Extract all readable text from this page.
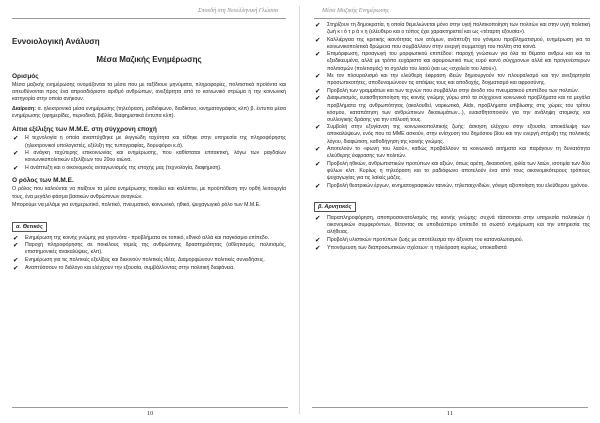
Σπουδή στη Νεοελληνική Γλώσσα
Εννοιολογική Ανάλυση
Μέσα Μαζικής Ενημέρωσης
Ορισμός

Μέσα μαζικής ενημέρωσης ονομάζονται τα μέσα που με ταξίδιουν μηνύματα, πληροφορίες, πολιτιστικά προϊόντα και απευθύνονται προς ένα απροσδιόριστο αριθμό ανθρώπων, ανεξάρτητα από το κοινωνικό στρώμα ή την κοινωνική κατηγορία στην οποία ανήκουν.

Διαίρεση: α. ηλεκτρονικά μέσα ενημέρωσης (τηλεόραση, ραδιόφωνο, διαδίκτυο, κινηματογράφος κλπ) β. έντυπα μέσα ενημέρωσης (εφημερίδες, περιοδικά, βιβλία, διαφημιστικά έντυπα κλπ).

Αίτια εξέλιξης των Μ.Μ.Ε. στη σύγχρονη εποχή
✔ Η τεχνολογία η οποία αναπτύχθηκε με ιλιγγιώδη ταχύτητα και τέθηκε στην υπηρεσία της πληροφόρησης (ηλεκτρονικοί υπολογιστές, εξέλιξη της τυπογραφίας, δορυφόροι κ.ά).
✔ Η ανάγκη ταχύτερης επικοινωνίας και ενημέρωσης, που καθίσταται επιτακτική, λόγω των ραγδαίων κοινωνικοπολιτικών εξελίξεων του 20ου αιώνα.
✔ Η ανάπτυξη και ο οικονομικός ανταγωνισμός της εποχής μας (τεχνολογία, διαφήμιση).
Ο ρόλος των Μ.Μ.Ε.

Ο ρόλος που καλούνται να παίξουν τα μέσα ενημέρωσης ποικίλει και καλύπτει, με προϋπόθεση την ορθή λειτουργία τους, ένα μεγάλο φάσμα βασικών ανθρώπινων αναγκών.

Μπορούμε να μιλάμε για ενημερωτικό, πολιτικό, πνευματικό, κοινωνικό, ηθικό, ψυχαγωγικό ρόλο των Μ.Μ.Ε.

α. Θετικός
✔ Ενημέρωση της κοινής γνώμης για γεγονότα - προβλήματα σε τοπικό, εθνικό αλλά και παγκόσμιο επίπεδο.
✔ Παροχή πληροφόρησης σε ποικίλους τομείς της ανθρώπινης δραστηριότητας (αθλητισμός, πολιτισμός, επιστημονικές ανακαλύψεις, κλπ).
✔ Ενημέρωση για τις πολιτικές εξελίξεις και διεκινούν πολιτικές ιδέες. Διαμορφώνουν πολιτικές συνειδήσεις.
✔ Αναπτύσσουν το διάλογο και ελέγχουν την εξουσία, συμβάλλοντας στην πολιτική διαφάνεια.
10
Μέσα Μαζικής Ενημέρωσης
✔ Στηρίζουν τη δημοκρατία, η οποία θεμελιώνεται μόνο στην υγιή πολιτικοποίηση των πολιτών και στην υγιή πολιτική ζωή κ ι ό τ ρ ά ν η (ελέυθερο και ο τύπος έχει χαρακτηριστεί και ως «τέταρτη εξουσία»).
✔ Καλλιέργεια της κριτικής ικανότητας των ατόμων, ανάπτυξη του γόνιμου προβληματισμού, ενημέρωση για τα κοινωνικοπολιτικά δρώμενα που συμβάλλουν στην ενεργή συμμετοχή του πολίτη στα κοινά.
✔ Επιμόρφωση, προαγωγή του μορφωτικού επιπέδου: παροχή γνώσεων για όλα τα θέματα ανθρω και και τα εξειδικευμένα, αλλά με τρόπο ευχάριστο και αφομοιωτικό πως ευρύ κοινό σύγχρονων αλλά και προγενέστερων πολιτισμών (πολιτισμός) το σχολείο του λαού (και ως «σχολείο του λαού»).
✔ Με τον πλουραλισμό και την ελεύθερη έκφραση ιδεών δημιουργούν τον πλουραλισμό και την ανεξαρτησία προσωπικοτήτες, αποδυναμώνουν τις απόψεις τους και αποδοχής, δογματισμό και αφροσύνης.
✔ Προβολή των γραμμάτων και των τεχνών που συμβάλλει στην άνοδο του πνευματικού επιπέδου των πολιτών.
✔ Διαφωτισμός, ευαισθητοποίηση της κοινής γνώμης γύρω από τα σύγχρονα κοινωνικά προβλήματα και τα μεγάλα προβλήματα της ανθρωπότητας (ακολουθεί, ναρκωτικά, Aids, προβλήματα επιβίωσης στις χώρες του τρίτου κόσμου, καταπάτηση των ανθρώπινων δικαιωμάτων...), ευαισθητοποιούν για την ανάληψη ατομικής και συλλογικής δράσης για την επίλυσή τους.
✔ Συμβολή στην εξυγίανση της κοινωνικοπολιτικής ζωής: άσκηση ελέγχου στην εξουσία, αποκάλυψη των αποκαλύψεων, ενός που τα ΜΜΕ ασκούν, στην ενίσχυση του δημόσιου βίου και την ενεργή στήριξη της πολιτικής λόγου, διαφώτιση, καθοδήγηση της κοινής γνώμης.
✔ Αποτελούν το «φωνή του λαού», καθώς προβάλλουν τα κοινωνικά αιτήματα και παράγουν τη δυνατότητα ελεύθερης έκφρασης των πολιτών.
✔ Προβολή ηθικών, ανθρωπιστικών προτύπων και αξιών, όπως αρέτη, δικαιοσύνη, φιλία των λαών, ισοτιμία των δύο φύλων κλπ. Κυρίως η τηλεόραση και το ραδιόφωνο αποτελούν ένα από τους οικονομικότερους τρόπους ψυχαγωγίας για τις λαϊκές μάζες.
✔ Προβολή θεατρικών έργων, κινηματογραφικών ταινιών, τηλεπαιχνιδιών, γόνιμη αξιοποίηση του ελεύθερου χρόνου.
β. Αρνητικός
✔ Παραπληροφόρηση, αποπροσανατολισμός της κοινής γνώμης: συχνά τάσσονται στην υπηρεσία πολιτικών ή οικονομικών συμφερόντων, θέτοντας σε υποδεέστερο επίπεδο το σωστό ενημέρωση και την υπηρεσία της αλήθειας.
✔ Προβολή υλιστικών προτύπων ζωής με αποτέλεσμα την άξυνση του καταναλωτισμού.
✔ Υπονόμευση των διαπροσωπικών σχέσεων: η τηλεόραση κυρίως, υποκαθιστά
11
